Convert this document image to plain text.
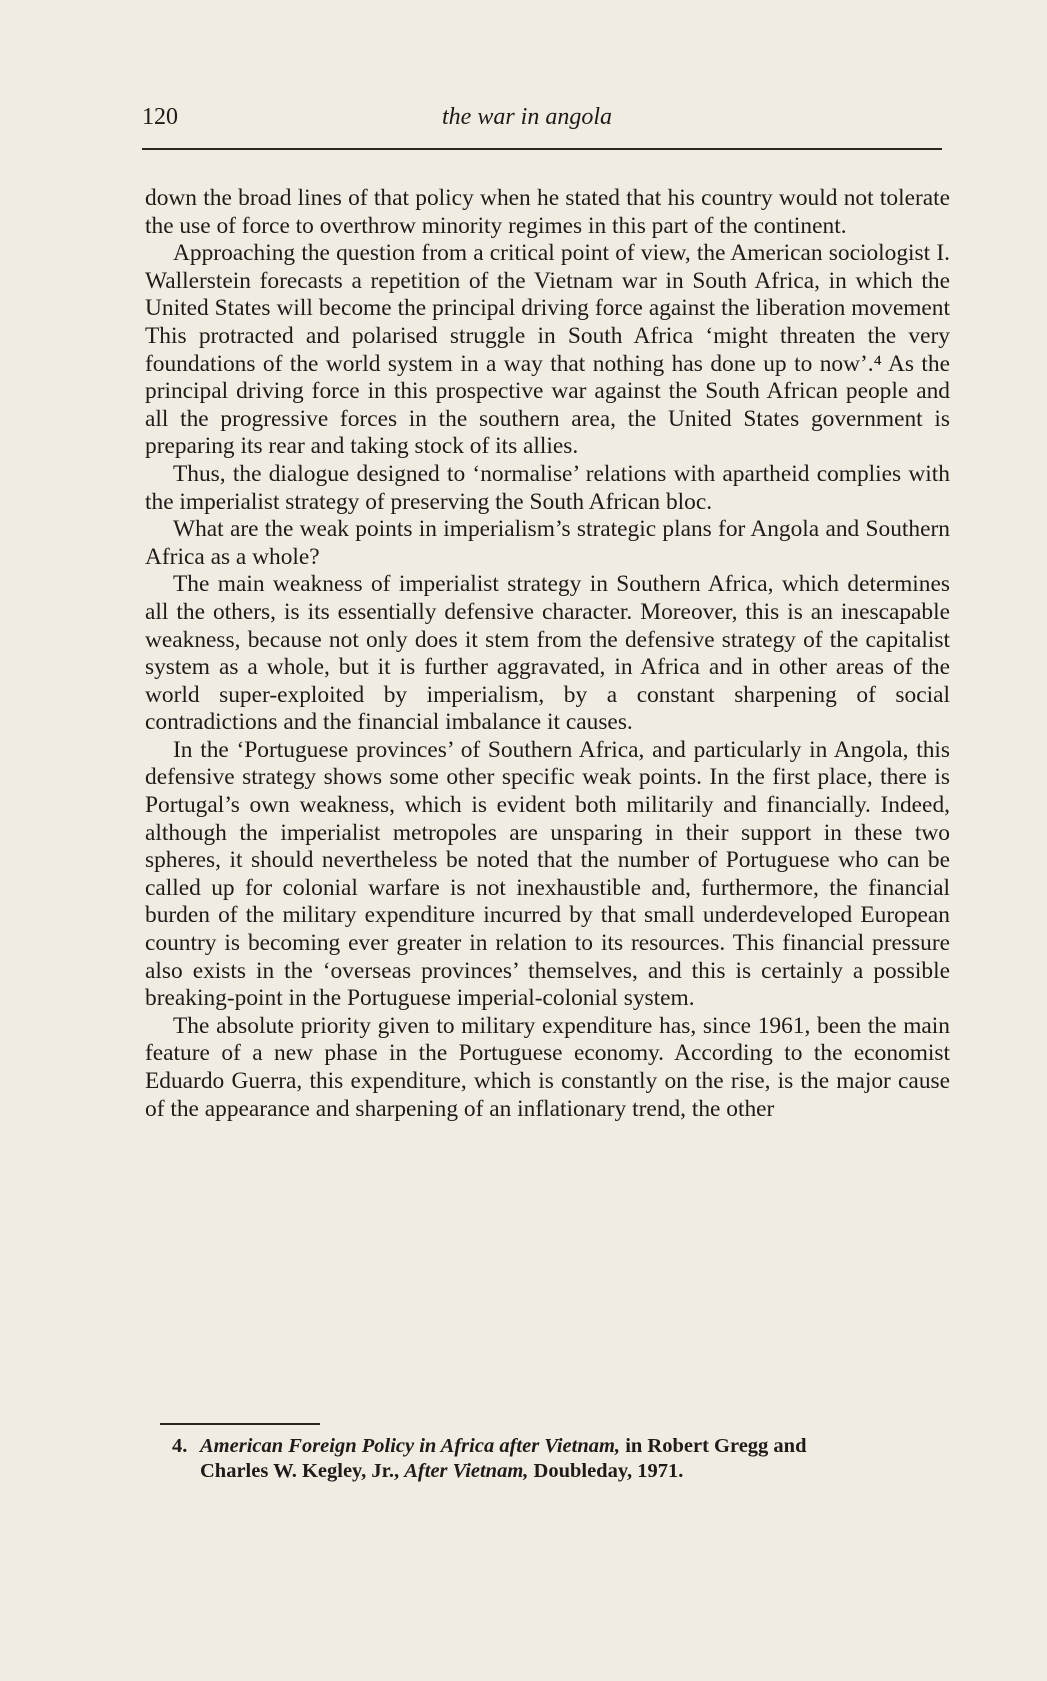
120	the war in angola

down the broad lines of that policy when he stated that his country would not tolerate the use of force to overthrow minority regimes in this part of the continent.

Approaching the question from a critical point of view, the American sociologist I. Wallerstein forecasts a repetition of the Vietnam war in South Africa, in which the United States will become the principal driving force against the liberation movement This protracted and polarised struggle in South Africa ‘might threaten the very foundations of the world system in a way that nothing has done up to now’.⁴ As the principal driving force in this prospective war against the South African people and all the progressive forces in the southern area, the United States government is preparing its rear and taking stock of its allies.

Thus, the dialogue designed to ‘normalise’ relations with apartheid complies with the imperialist strategy of preserving the South African bloc.

What are the weak points in imperialism’s strategic plans for Angola and Southern Africa as a whole?

The main weakness of imperialist strategy in Southern Africa, which determines all the others, is its essentially defensive character. Moreover, this is an inescapable weakness, because not only does it stem from the defensive strategy of the capitalist system as a whole, but it is further aggravated, in Africa and in other areas of the world super-exploited by imperialism, by a constant sharpening of social contradictions and the financial imbalance it causes.

In the ‘Portuguese provinces’ of Southern Africa, and particularly in Angola, this defensive strategy shows some other specific weak points. In the first place, there is Portugal’s own weakness, which is evident both militarily and financially. Indeed, although the imperialist metropoles are unsparing in their support in these two spheres, it should nevertheless be noted that the number of Portuguese who can be called up for colonial warfare is not inexhaustible and, furthermore, the financial burden of the military expenditure incurred by that small underdeveloped European country is becoming ever greater in relation to its resources. This financial pressure also exists in the ‘overseas provinces’ themselves, and this is certainly a possible breaking-point in the Portuguese imperial-colonial system.

The absolute priority given to military expenditure has, since 1961, been the main feature of a new phase in the Portuguese economy. According to the economist Eduardo Guerra, this expenditure, which is constantly on the rise, is the major cause of the appearance and sharpening of an inflationary trend, the other

4. American Foreign Policy in Africa after Vietnam, in Robert Gregg and
Charles W. Kegley, Jr., After Vietnam, Doubleday, 1971.
